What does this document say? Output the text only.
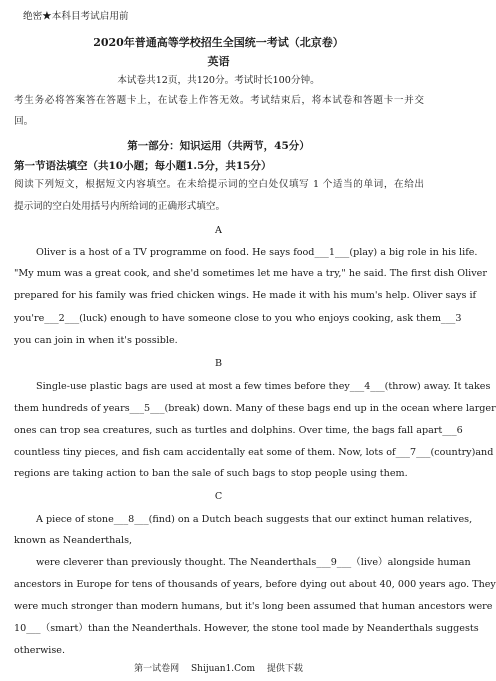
绝密★本科目考试启用前
2020年普通高等学校招生全国统一考试（北京卷）
英语
本试卷共12页，共120分。考试时长100分钟。
考生务必将答案答在答题卡上，在试卷上作答无效。考试结束后，将本试卷和答题卡一并交
回。
第一部分：知识运用（共两节，45分）
第一节语法填空（共10小题；每小题1.5分，共15分）
阅读下列短文，根据短文内容填空。在未给提示词的空白处仅填写 1 个适当的单词，在给出
提示词的空白处用括号内所给词的正确形式填空。
A
Oliver is a host of a TV programme on food. He says food___1___(play) a big role in his life.
"My mum was a great cook, and she'd sometimes let me have a try," he said. The first dish Oliver
prepared for his family was fried chicken wings. He made it with his mum's help. Oliver says if
you're___2___(luck) enough to have someone close to you who enjoys cooking, ask them___3
you can join in when it's possible.
B
Single-use plastic bags are used at most a few times before they___4___(throw) away. It takes
them hundreds of years___5___(break) down. Many of these bags end up in the ocean where larger
ones can trop sea creatures, such as turtles and dolphins. Over time, the bags fall apart___6
countless tiny pieces, and fish cam accidentally eat some of them. Now, lots of___7___(country)and
regions are taking action to ban the sale of such bags to stop people using them.
C
A piece of stone___8___(find) on a Dutch beach suggests that our extinct human relatives,
known as Neanderthals,
were cleverer than previously thought. The Neanderthals___9___（live）alongside human
ancestors in Europe for tens of thousands of years, before dying out about 40, 000 years ago. They
were much stronger than modern humans, but it's long been assumed that human ancestors were
10___（smart）than the Neanderthals. However, the stone tool made by Neanderthals suggests
otherwise.
第一试卷网　 Shijuan1.Com　 提供下载
